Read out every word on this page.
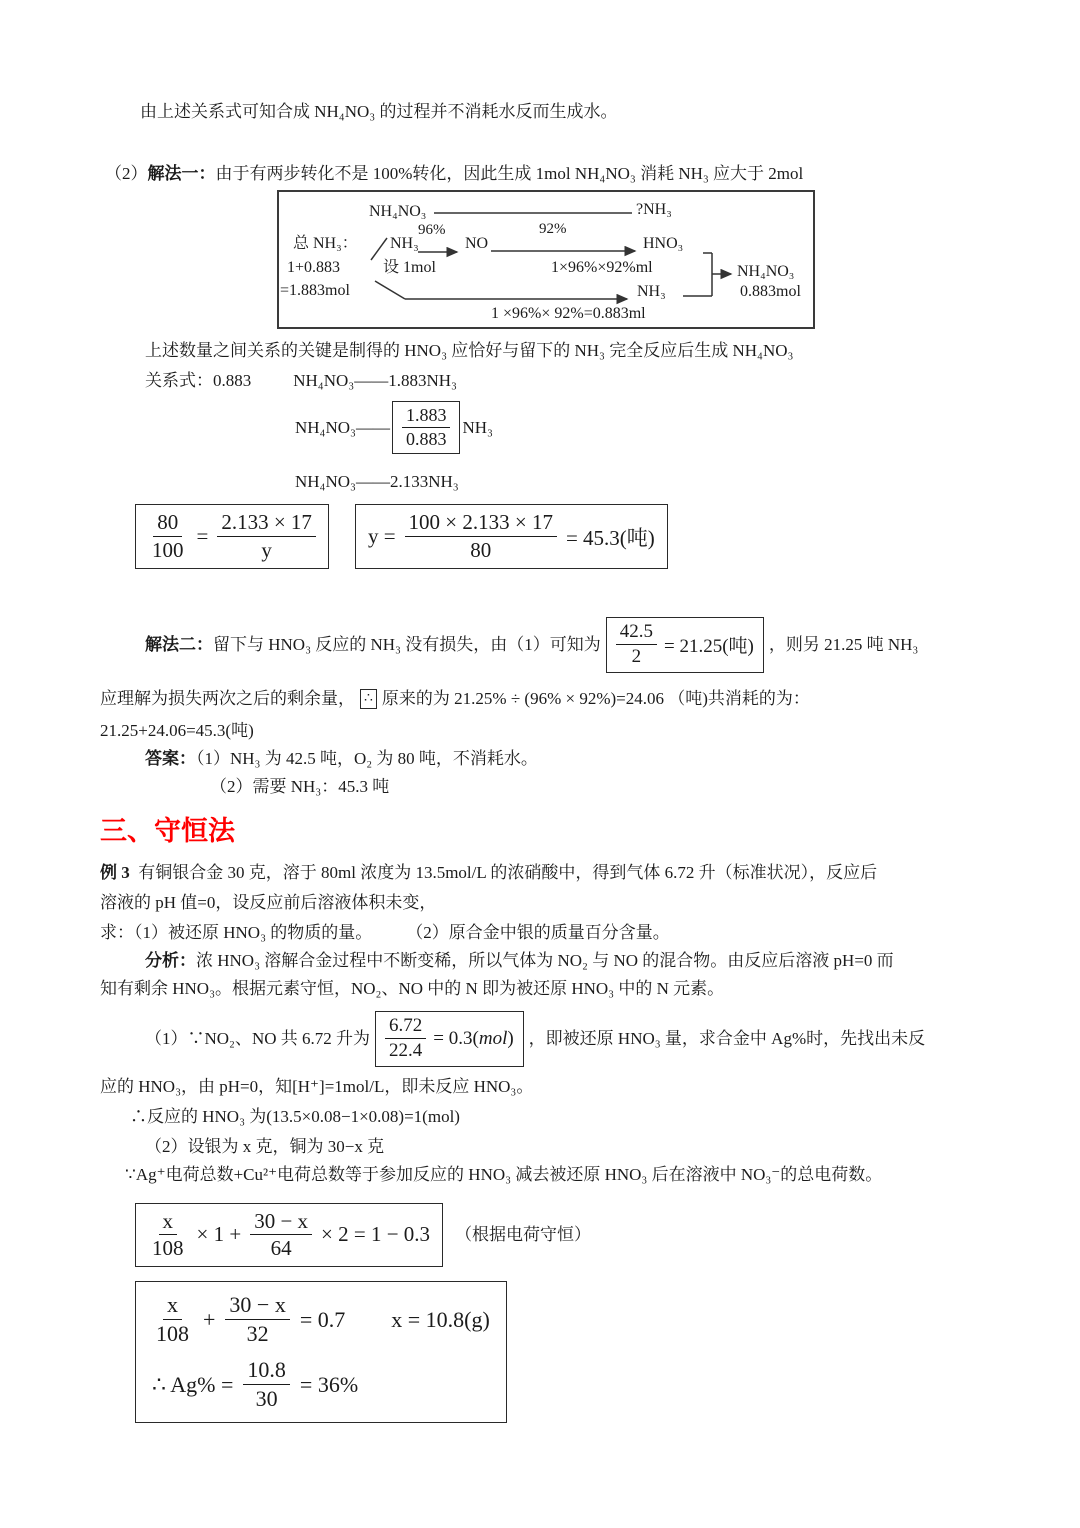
由上述关系式可知合成 NH₄NO₃ 的过程并不消耗水反而生成水。

（2）解法一：由于有两步转化不是 100%转化，因此生成 1mol NH₄NO₃ 消耗 NH₃ 应大于 2mol

NH₄NO₃	?NH₃
总 NH₃： NH₃
96%
NO
92%
HNO₃
1+0.883	设 1mol	1×96%×92%ml
=1.883mol	NH₃
1 ×96%× 92%=0.883ml
NH₄NO₃
0.883mol

上述数量之间关系的关键是制得的 HNO₃ 应恰好与留下的 NH₃ 完全反应后生成 NH₄NO₃

关系式：0.883 NH₄NO₃——1.883NH₃

NH₄NO₃—— $\frac{1.883}{0.883} NH_3$

NH₄NO₃——2.133NH₃

$\frac{80}{100} = \frac{2.133 \times 17}{y}$ $y = \frac{100 \times 2.133 \times 17}{80} = 45.3$(吨)
解法二： 留下与 HNO₃ 反应的 NH₃ 没有损失，由（1）可知为 $\frac{42.5}{2} = 21.25$(吨) ，则另 21.25 吨 NH₃
应理解为损失两次之后的剩余量， ∴ 原来的为 21.25% ÷ (96% × 92%)=24.06 （吨)共消耗的为：

21.25+24.06=45.3(吨)

答案：（1）NH₃ 为 42.5 吨，O₂ 为 80 吨，不消耗水。

（2）需要 NH₃：45.3 吨

三、守恒法

例 3  有铜银合金 30 克，溶于 80ml 浓度为 13.5mol/L 的浓硝酸中，得到气体 6.72 升（标准状况），反应后

溶液的 pH 值=0，设反应前后溶液体积未变，

求：（1）被还原 HNO₃ 的物质的量。　　　（2）原合金中银的质量百分含量。

分析：浓 HNO₃ 溶解合金过程中不断变稀，所以气体为 NO₂ 与 NO 的混合物。由反应后溶液 pH=0 而

知有剩余 HNO₃。根据元素守恒，NO₂、NO 中的 N 即为被还原 HNO₃ 中的 N 元素。

（1）∵NO₂、NO 共 6.72 升为 $\frac{6.72}{22.4} = 0.3(mol)$ ，即被还原 HNO₃ 量，求合金中 Ag%时，先找出未反

应的 HNO₃，由 pH=0，知[H⁺]=1mol/L，即未反应 HNO₃。

∴反应的 HNO₃ 为(13.5×0.08−1×0.08)=1(mol)

（2）设银为 x 克，铜为 30−x 克

∵Ag⁺电荷总数+Cu²⁺电荷总数等于参加反应的 HNO₃ 减去被还原 HNO₃ 后在溶液中 NO₃⁻的总电荷数。

$\frac{x}{108} \times 1 + \frac{30 - x}{64} \times 2 = 1 - 0.3$ （根据电荷守恒）
$\frac{x}{108} + \frac{30 - x}{32} = 0.7$ x = 10.8(g)
∴ $Ag\% = \frac{10.8}{30} = 36\%$
